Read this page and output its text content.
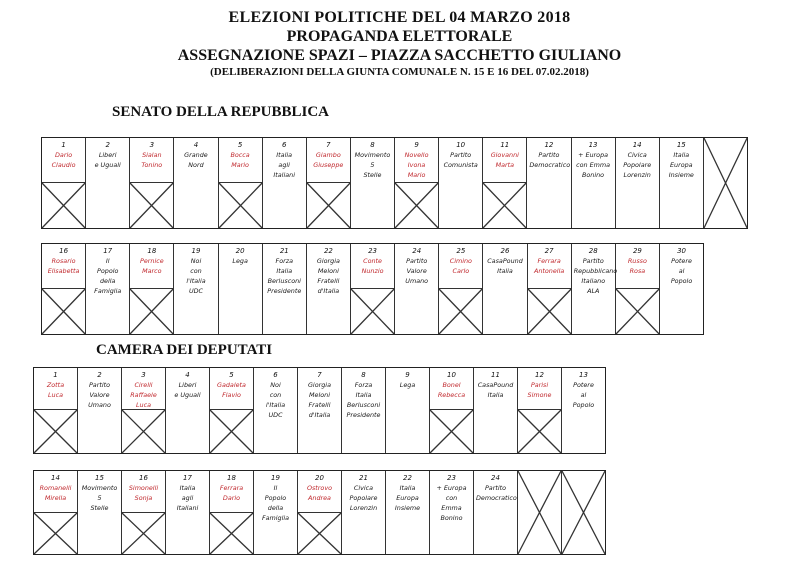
ELEZIONI POLITICHE DEL 04 MARZO 2018
PROPAGANDA ELETTORALE
ASSEGNAZIONE SPAZI – PIAZZA SACCHETTO GIULIANO
(DELIBERAZIONI DELLA GIUNTA COMUNALE N. 15 E 16 DEL 07.02.2018)
SENATO DELLA REPUBBLICA
1
Dario
Claudio
2
Liberi
e Uguali
3
Sialan
Tonino
4
Grande
Nord
5
Bocca
Mario
6
Italia
agli
Italiani
7
Giambo
Giuseppe
8
Movimento
5
Stelle
9
Novello
Ivona
Mario
10
Partito
Comunista
11
Giovanni
Marta
12
Partito
Democratico
13
+ Europa
con Emma
Bonino
14
Civica
Popolare
Lorenzin
15
Italia
Europa
Insieme
16
Rosario
Elisabetta
17
Il
Popolo
della
Famiglia
18
Pernice
Marco
19
Noi
con
l'Italia
UDC
20
Lega
21
Forza
Italia
Berlusconi
Presidente
22
Giorgia
Meloni
Fratelli
d'Italia
23
Conte
Nunzio
24
Partito
Valore
Umano
25
Cimino
Carlo
26
CasaPound
Italia
27
Ferrara
Antonella
28
Partito
Repubblicano
Italiano
ALA
29
Russo
Rosa
30
Potere
al
Popolo
CAMERA DEI DEPUTATI
1
Zotta
Luca
2
Partito
Valore
Umano
3
Cirelli
Raffaele
Luca
4
Liberi
e Uguali
5
Gadaleta
Flavio
6
Noi
con
l'Italia
UDC
7
Giorgia
Meloni
Fratelli
d'Italia
8
Forza
Italia
Berlusconi
Presidente
9
Lega
10
Bonel
Rebecca
11
CasaPound
Italia
12
Parisi
Simone
13
Potere
al
Popolo
14
Romanelli
Mirella
15
Movimento
5
Stelle
16
Simonelli
Sonja
17
Italia
agli
Italiani
18
Ferrara
Dario
19
Il
Popolo
della
Famiglia
20
Ostrovo
Andrea
21
Civica
Popolare
Lorenzin
22
Italia
Europa
Insieme
23
+ Europa
con
Emma
Bonino
24
Partito
Democratico
